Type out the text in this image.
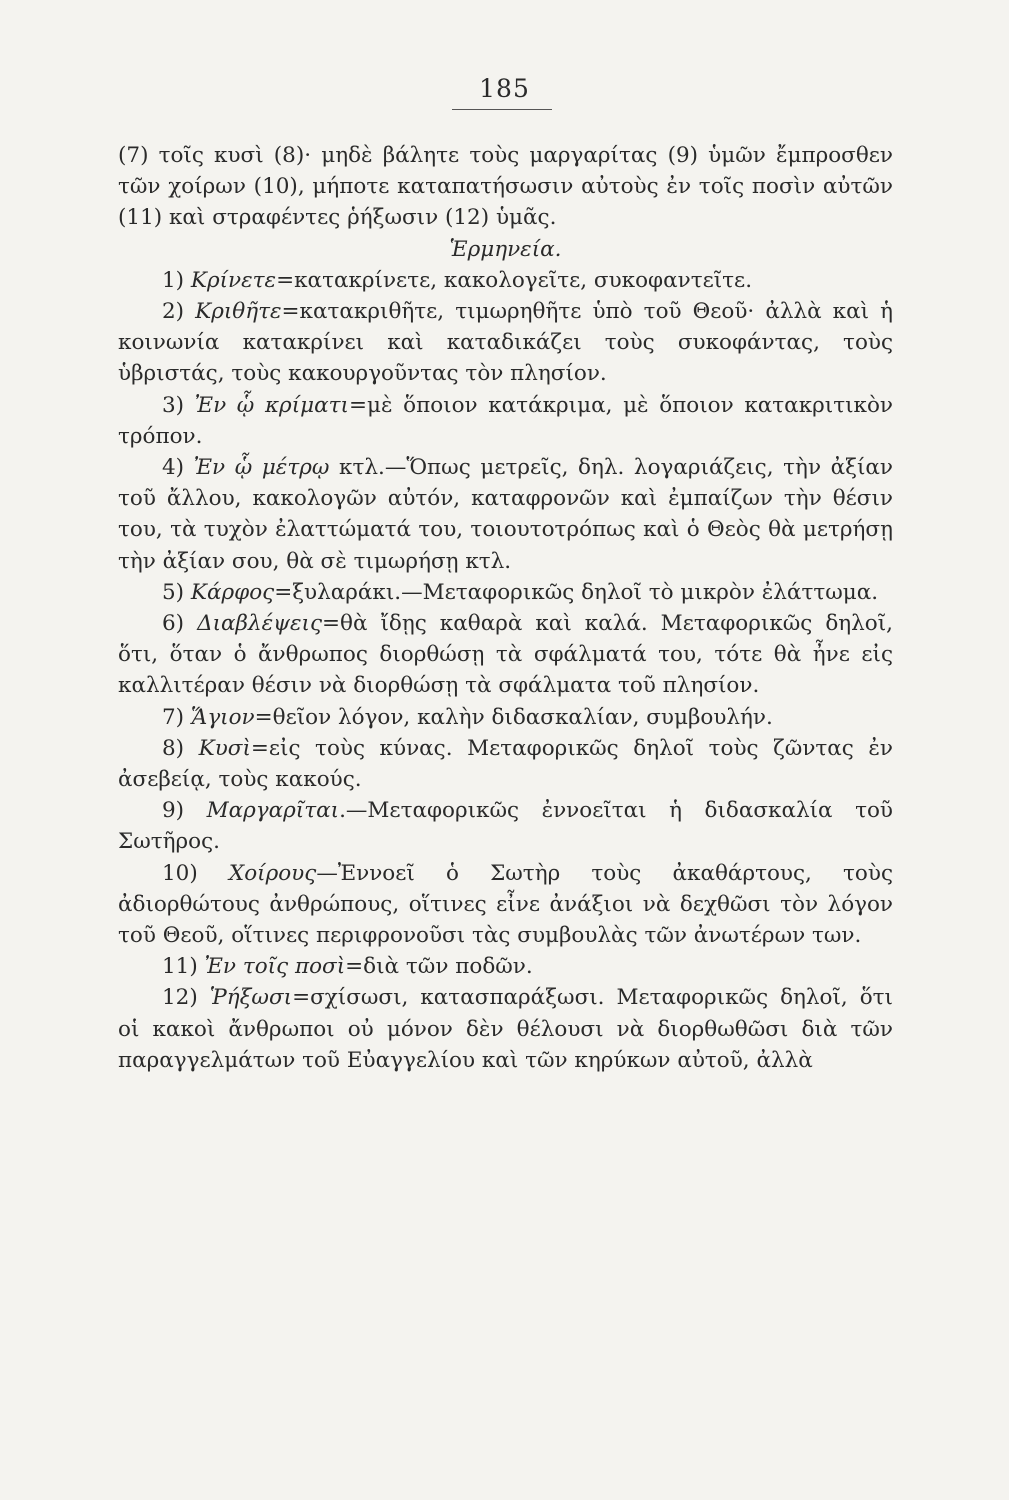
185

(7) τοῖς κυσὶ (8)· μηδὲ βάλητε τοὺς μαργαρίτας (9) ὑμῶν ἔμπροσθεν τῶν χοίρων (10), μήποτε καταπατήσωσιν αὐτοὺς ἐν τοῖς ποσὶν αὐτῶν (11) καὶ στραφέντες ῥήξωσιν (12) ὑμᾶς.

Ἑρμηνεία.

1) Κρίνετε=κατακρίνετε, κακολογεῖτε, συκοφαντεῖτε.

2) Κριθῆτε=κατακριθῆτε, τιμωρηθῆτε ὑπὸ τοῦ Θεοῦ· ἀλλὰ καὶ ἡ κοινωνία κατακρίνει καὶ καταδικάζει τοὺς συκοφάντας, τοὺς ὑβριστάς, τοὺς κακουργοῦντας τὸν πλησίον.

3) Ἐν ᾧ κρίματι=μὲ ὅποιον κατάκριμα, μὲ ὅποιον κατακριτικὸν τρόπον.

4) Ἐν ᾧ μέτρῳ κτλ.—Ὅπως μετρεῖς, δηλ. λογαριάζεις, τὴν ἀξίαν τοῦ ἄλλου, κακολογῶν αὐτόν, καταφρονῶν καὶ ἐμπαίζων τὴν θέσιν του, τὰ τυχὸν ἐλαττώματά του, τοιουτοτρόπως καὶ ὁ Θεὸς θὰ μετρήσῃ τὴν ἀξίαν σου, θὰ σὲ τιμωρήσῃ κτλ.

5) Κάρφος=ξυλαράκι.—Μεταφορικῶς δηλοῖ τὸ μικρὸν ἐλάττωμα.

6) Διαβλέψεις=θὰ ἴδῃς καθαρὰ καὶ καλά. Μεταφορικῶς δηλοῖ, ὅτι, ὅταν ὁ ἄνθρωπος διορθώσῃ τὰ σφάλματά του, τότε θὰ ἦνε εἰς καλλιτέραν θέσιν νὰ διορθώσῃ τὰ σφάλματα τοῦ πλησίον.

7) Ἅγιον=θεῖον λόγον, καλὴν διδασκαλίαν, συμβουλήν.

8) Κυσὶ=εἰς τοὺς κύνας. Μεταφορικῶς δηλοῖ τοὺς ζῶντας ἐν ἀσεβείᾳ, τοὺς κακούς.

9) Μαργαρῖται.—Μεταφορικῶς ἐννοεῖται ἡ διδασκαλία τοῦ Σωτῆρος.

10) Χοίρους—Ἐννοεῖ ὁ Σωτὴρ τοὺς ἀκαθάρτους, τοὺς ἀδιορθώτους ἀνθρώπους, οἵτινες εἶνε ἀνάξιοι νὰ δεχθῶσι τὸν λόγον τοῦ Θεοῦ, οἵτινες περιφρονοῦσι τὰς συμβουλὰς τῶν ἀνωτέρων των.

11) Ἐν τοῖς ποσὶ=διὰ τῶν ποδῶν.

12) Ῥήξωσι=σχίσωσι, κατασπαράξωσι. Μεταφορικῶς δηλοῖ, ὅτι οἱ κακοὶ ἄνθρωποι οὐ μόνον δὲν θέλουσι νὰ διορθωθῶσι διὰ τῶν παραγγελμάτων τοῦ Εὐαγγελίου καὶ τῶν κηρύκων αὐτοῦ, ἀλλὰ
